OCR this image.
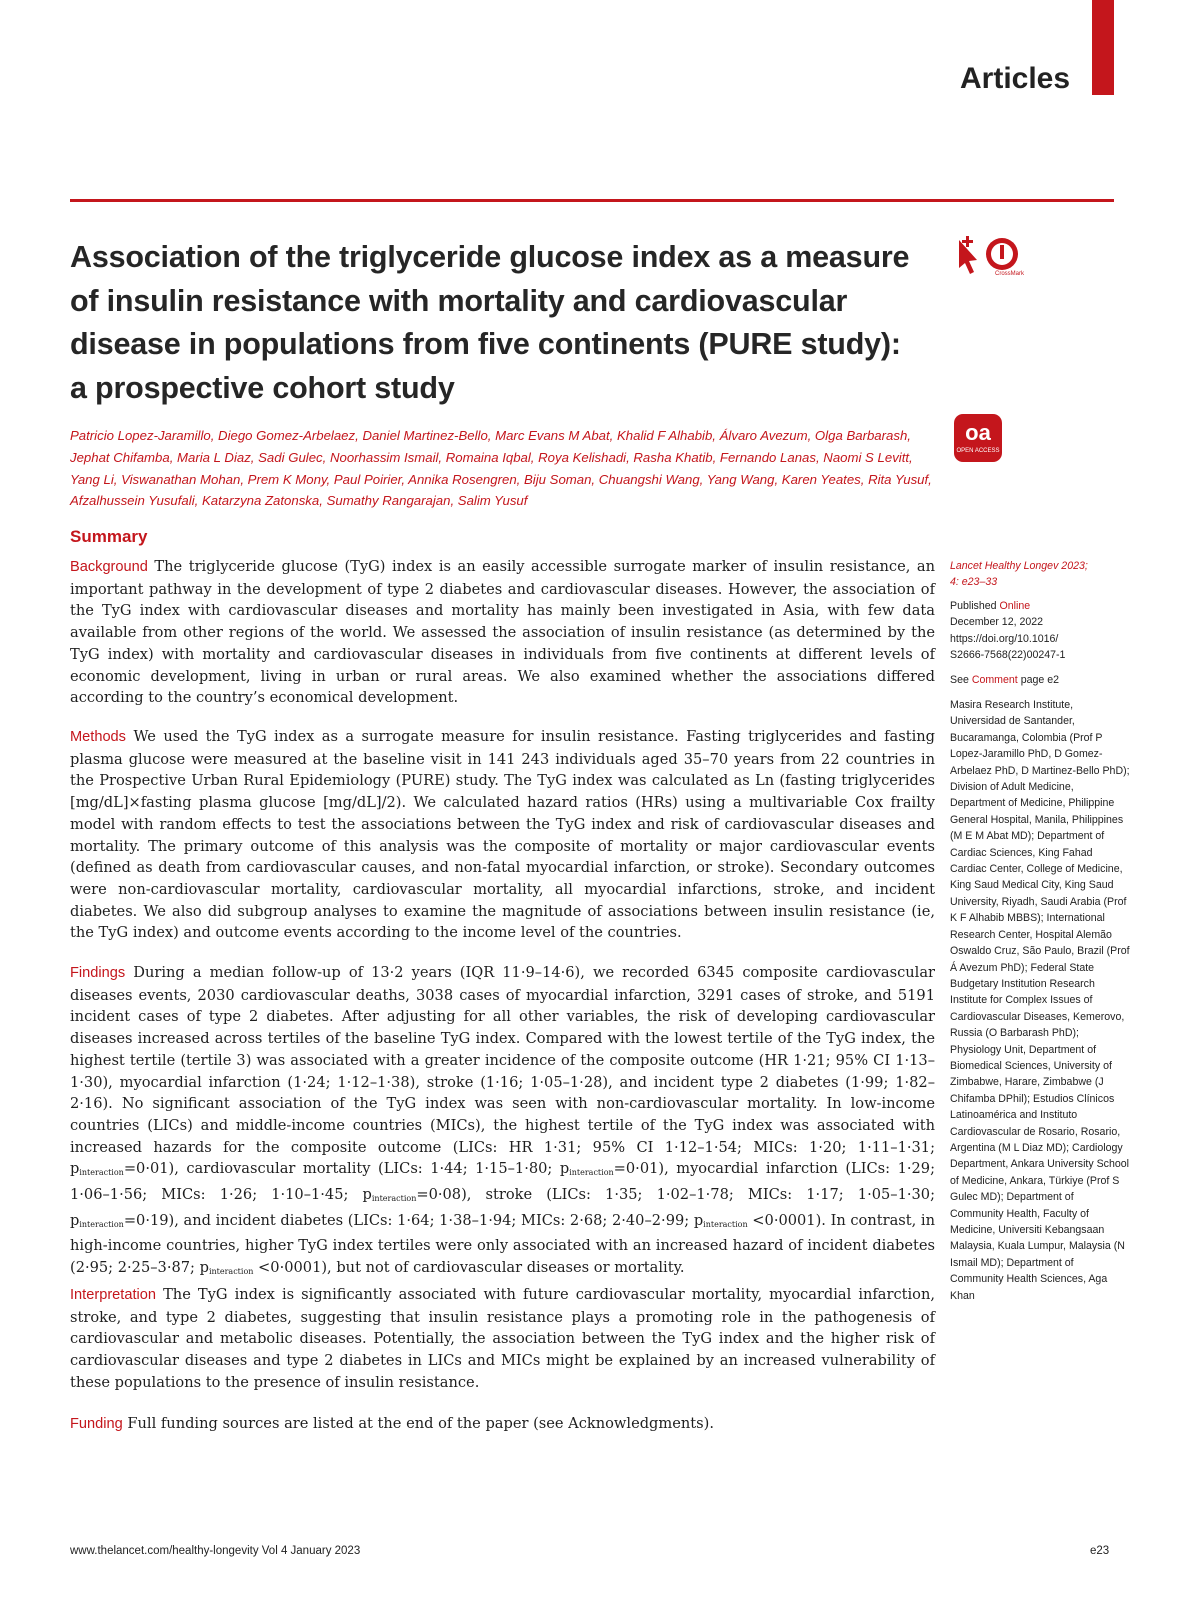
Articles
Association of the triglyceride glucose index as a measure of insulin resistance with mortality and cardiovascular disease in populations from five continents (PURE study): a prospective cohort study
CrossMark
oa
OPEN ACCESS
Patricio Lopez-Jaramillo, Diego Gomez-Arbelaez, Daniel Martinez-Bello, Marc Evans M Abat, Khalid F Alhabib, Álvaro Avezum, Olga Barbarash, Jephat Chifamba, Maria L Diaz, Sadi Gulec, Noorhassim Ismail, Romaina Iqbal, Roya Kelishadi, Rasha Khatib, Fernando Lanas, Naomi S Levitt, Yang Li, Viswanathan Mohan, Prem K Mony, Paul Poirier, Annika Rosengren, Biju Soman, Chuangshi Wang, Yang Wang, Karen Yeates, Rita Yusuf, Afzalhussein Yusufali, Katarzyna Zatonska, Sumathy Rangarajan, Salim Yusuf
Summary

Background The triglyceride glucose (TyG) index is an easily accessible surrogate marker of insulin resistance, an important pathway in the development of type 2 diabetes and cardiovascular diseases. However, the association of the TyG index with cardiovascular diseases and mortality has mainly been investigated in Asia, with few data available from other regions of the world. We assessed the association of insulin resistance (as determined by the TyG index) with mortality and cardiovascular diseases in individuals from five continents at different levels of economic development, living in urban or rural areas. We also examined whether the associations differed according to the country’s economical development.

Methods We used the TyG index as a surrogate measure for insulin resistance. Fasting triglycerides and fasting plasma glucose were measured at the baseline visit in 141 243 individuals aged 35–70 years from 22 countries in the Prospective Urban Rural Epidemiology (PURE) study. The TyG index was calculated as Ln (fasting triglycerides [mg/dL]×fasting plasma glucose [mg/dL]/2). We calculated hazard ratios (HRs) using a multivariable Cox frailty model with random effects to test the associations between the TyG index and risk of cardiovascular diseases and mortality. The primary outcome of this analysis was the composite of mortality or major cardiovascular events (defined as death from cardiovascular causes, and non-fatal myocardial infarction, or stroke). Secondary outcomes were non-cardiovascular mortality, cardiovascular mortality, all myocardial infarctions, stroke, and incident diabetes. We also did subgroup analyses to examine the magnitude of associations between insulin resistance (ie, the TyG index) and outcome events according to the income level of the countries.

Findings During a median follow-up of 13·2 years (IQR 11·9–14·6), we recorded 6345 composite cardiovascular diseases events, 2030 cardiovascular deaths, 3038 cases of myocardial infarction, 3291 cases of stroke, and 5191 incident cases of type 2 diabetes. After adjusting for all other variables, the risk of developing cardiovascular diseases increased across tertiles of the baseline TyG index. Compared with the lowest tertile of the TyG index, the highest tertile (tertile 3) was associated with a greater incidence of the composite outcome (HR 1·21; 95% CI 1·13–1·30), myocardial infarction (1·24; 1·12–1·38), stroke (1·16; 1·05–1·28), and incident type 2 diabetes (1·99; 1·82–2·16). No significant association of the TyG index was seen with non-cardiovascular mortality. In low-income countries (LICs) and middle-income countries (MICs), the highest tertile of the TyG index was associated with increased hazards for the composite outcome (LICs: HR 1·31; 95% CI 1·12–1·54; MICs: 1·20; 1·11–1·31; $p_{interaction}=0\cdot 01$), cardiovascular mortality (LICs: 1·44; 1·15–1·80; $p_{interaction}=0\cdot 01$), myocardial infarction (LICs: 1·29; 1·06–1·56; MICs: 1·26; 1·10–1·45; $p_{interaction}=0\cdot 08$), stroke (LICs: 1·35; 1·02–1·78; MICs: 1·17; 1·05–1·30; $p_{interaction}=0\cdot 19$), and incident diabetes (LICs: 1·64; 1·38–1·94; MICs: 2·68; 2·40–2·99; $p_{interaction} <0\cdot 0001$). In contrast, in high-income countries, higher TyG index tertiles were only associated with an increased hazard of incident diabetes (2·95; 2·25–3·87; $p_{interaction} <0\cdot 0001$), but not of cardiovascular diseases or mortality.

Interpretation The TyG index is significantly associated with future cardiovascular mortality, myocardial infarction, stroke, and type 2 diabetes, suggesting that insulin resistance plays a promoting role in the pathogenesis of cardiovascular and metabolic diseases. Potentially, the association between the TyG index and the higher risk of cardiovascular diseases and type 2 diabetes in LICs and MICs might be explained by an increased vulnerability of these populations to the presence of insulin resistance.

Funding Full funding sources are listed at the end of the paper (see Acknowledgments).

Lancet Healthy Longev 2023;
4: e23–33
Published Online
December 12, 2022
https://doi.org/10.1016/
S2666-7568(22)00247-1
See Comment page e2
Masira Research Institute, Universidad de Santander, Bucaramanga, Colombia (Prof P Lopez-Jaramillo PhD, D Gomez-Arbelaez PhD, D Martinez-Bello PhD); Division of Adult Medicine, Department of Medicine, Philippine General Hospital, Manila, Philippines (M E M Abat MD); Department of Cardiac Sciences, King Fahad Cardiac Center, College of Medicine, King Saud Medical City, King Saud University, Riyadh, Saudi Arabia (Prof K F Alhabib MBBS); International Research Center, Hospital Alemão Oswaldo Cruz, São Paulo, Brazil (Prof Á Avezum PhD); Federal State Budgetary Institution Research Institute for Complex Issues of Cardiovascular Diseases, Kemerovo, Russia (O Barbarash PhD); Physiology Unit, Department of Biomedical Sciences, University of Zimbabwe, Harare, Zimbabwe (J Chifamba DPhil); Estudios Clínicos Latinoamérica and Instituto Cardiovascular de Rosario, Rosario, Argentina (M L Diaz MD); Cardiology Department, Ankara University School of Medicine, Ankara, Türkiye (Prof S Gulec MD); Department of Community Health, Faculty of Medicine, Universiti Kebangsaan Malaysia, Kuala Lumpur, Malaysia (N Ismail MD); Department of Community Health Sciences, Aga Khan
www.thelancet.com/healthy-longevity Vol 4 January 2023	e23
